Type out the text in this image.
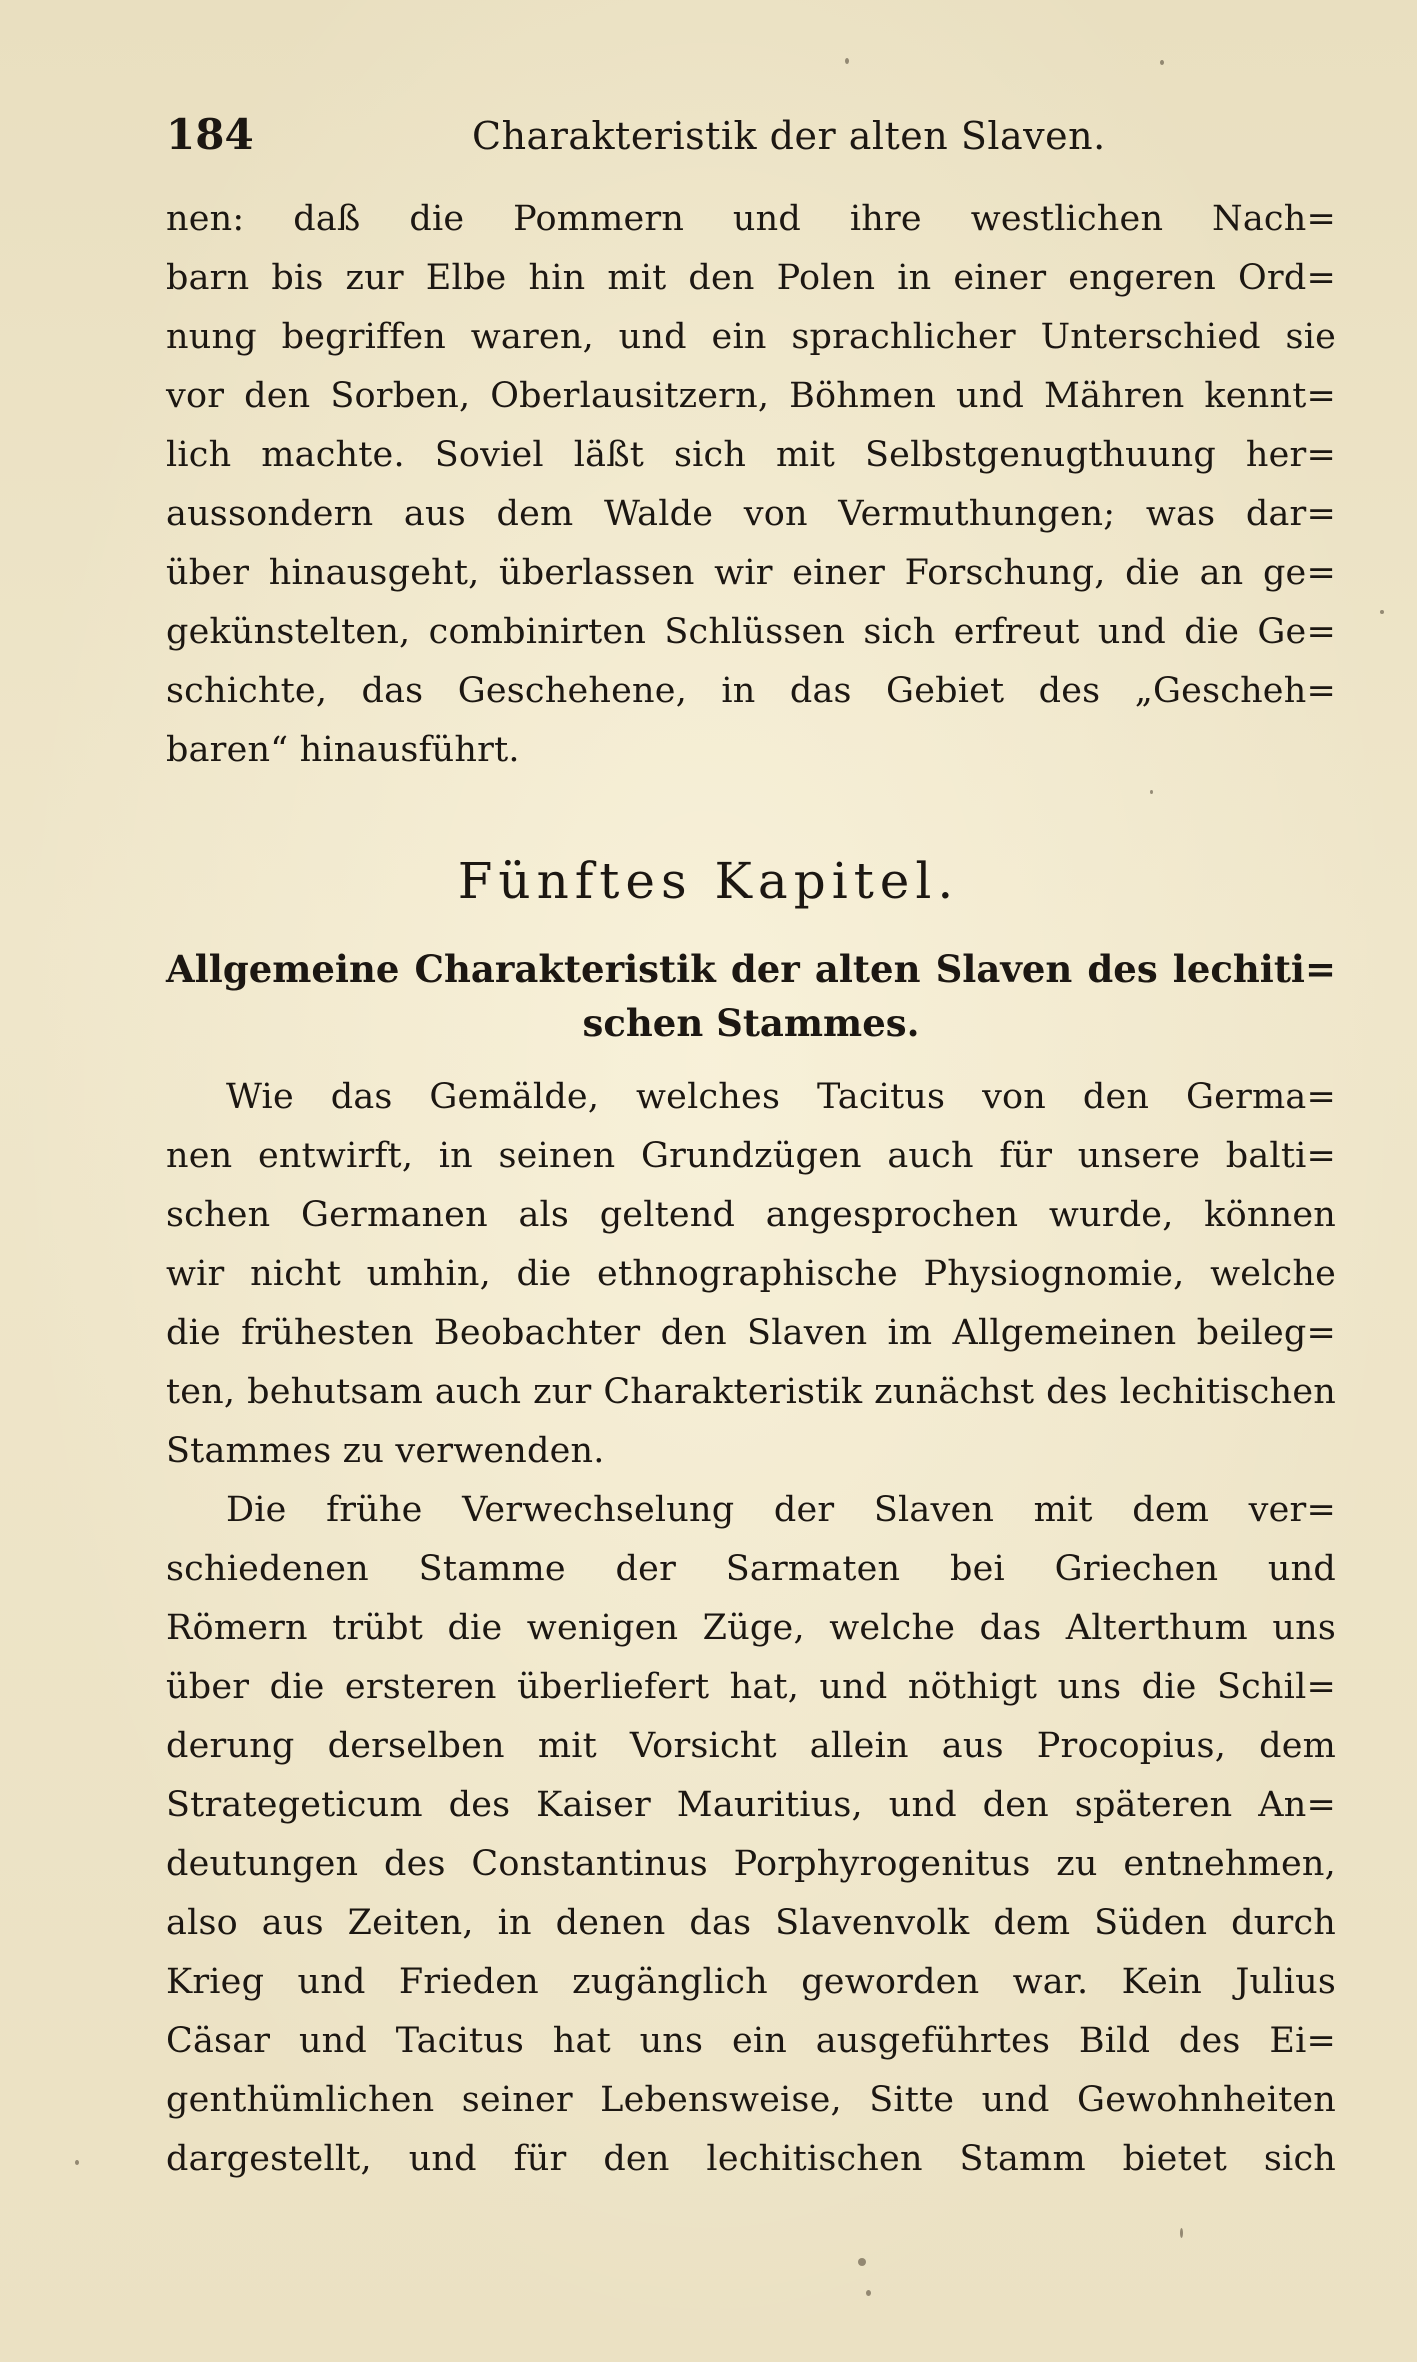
184	Charakteristik der alten Slaven.
nen: daß die Pommern und ihre westlichen Nach=
barn bis zur Elbe hin mit den Polen in einer engeren Ord=
nung begriffen waren, und ein sprachlicher Unterschied sie
vor den Sorben, Oberlausitzern, Böhmen und Mähren kennt=
lich machte. Soviel läßt sich mit Selbstgenugthuung her=
aussondern aus dem Walde von Vermuthungen; was dar=
über hinausgeht, überlassen wir einer Forschung, die an ge=
gekünstelten, combinirten Schlüssen sich erfreut und die Ge=
schichte, das Geschehene, in das Gebiet des „Gescheh=
baren“ hinausführt.
Fünftes Kapitel.
Allgemeine Charakteristik der alten Slaven des lechiti=
schen Stammes.
Wie das Gemälde, welches Tacitus von den Germa=
nen entwirft, in seinen Grundzügen auch für unsere balti=
schen Germanen als geltend angesprochen wurde, können
wir nicht umhin, die ethnographische Physiognomie, welche
die frühesten Beobachter den Slaven im Allgemeinen beileg=
ten, behutsam auch zur Charakteristik zunächst des lechitischen
Stammes zu verwenden.
Die frühe Verwechselung der Slaven mit dem ver=
schiedenen Stamme der Sarmaten bei Griechen und
Römern trübt die wenigen Züge, welche das Alterthum uns
über die ersteren überliefert hat, und nöthigt uns die Schil=
derung derselben mit Vorsicht allein aus Procopius, dem
Strategeticum des Kaiser Mauritius, und den späteren An=
deutungen des Constantinus Porphyrogenitus zu entnehmen,
also aus Zeiten, in denen das Slavenvolk dem Süden durch
Krieg und Frieden zugänglich geworden war. Kein Julius
Cäsar und Tacitus hat uns ein ausgeführtes Bild des Ei=
genthümlichen seiner Lebensweise, Sitte und Gewohnheiten
dargestellt, und für den lechitischen Stamm bietet sich
